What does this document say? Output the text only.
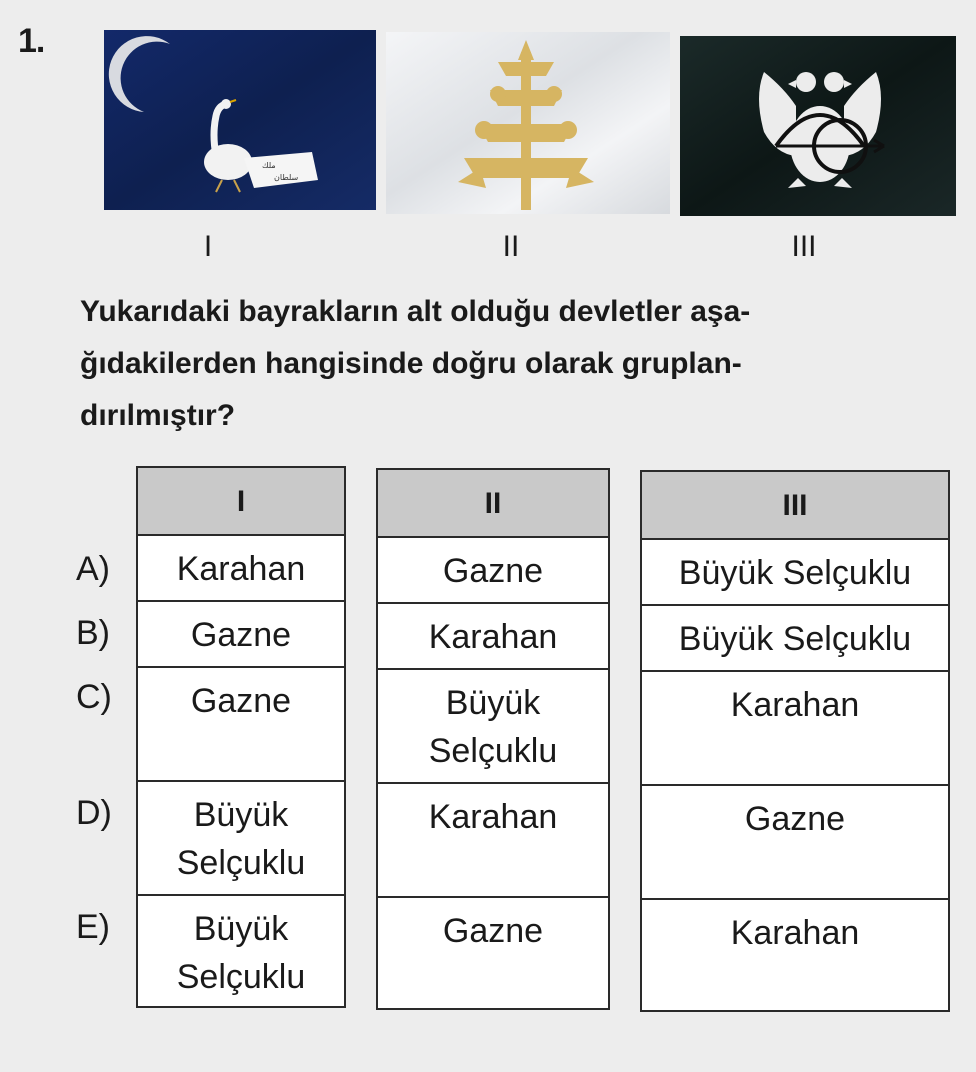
1.
ﻣﻠﻚ
ﺳﻠﻄﺎن
I	II	III

Yukarıdaki bayrakların alt olduğu devletler aşa-
ğıdakilerden hangisinde doğru olarak gruplan-
dırılmıştır?

A)
B)
C)
D)
E)
I
Karahan
Gazne
Gazne
Büyük
Selçuklu
Büyük
Selçuklu
II
Gazne
Karahan
Büyük
Selçuklu
Karahan
Gazne
III
Büyük Selçuklu
Büyük Selçuklu
Karahan
Gazne
Karahan
